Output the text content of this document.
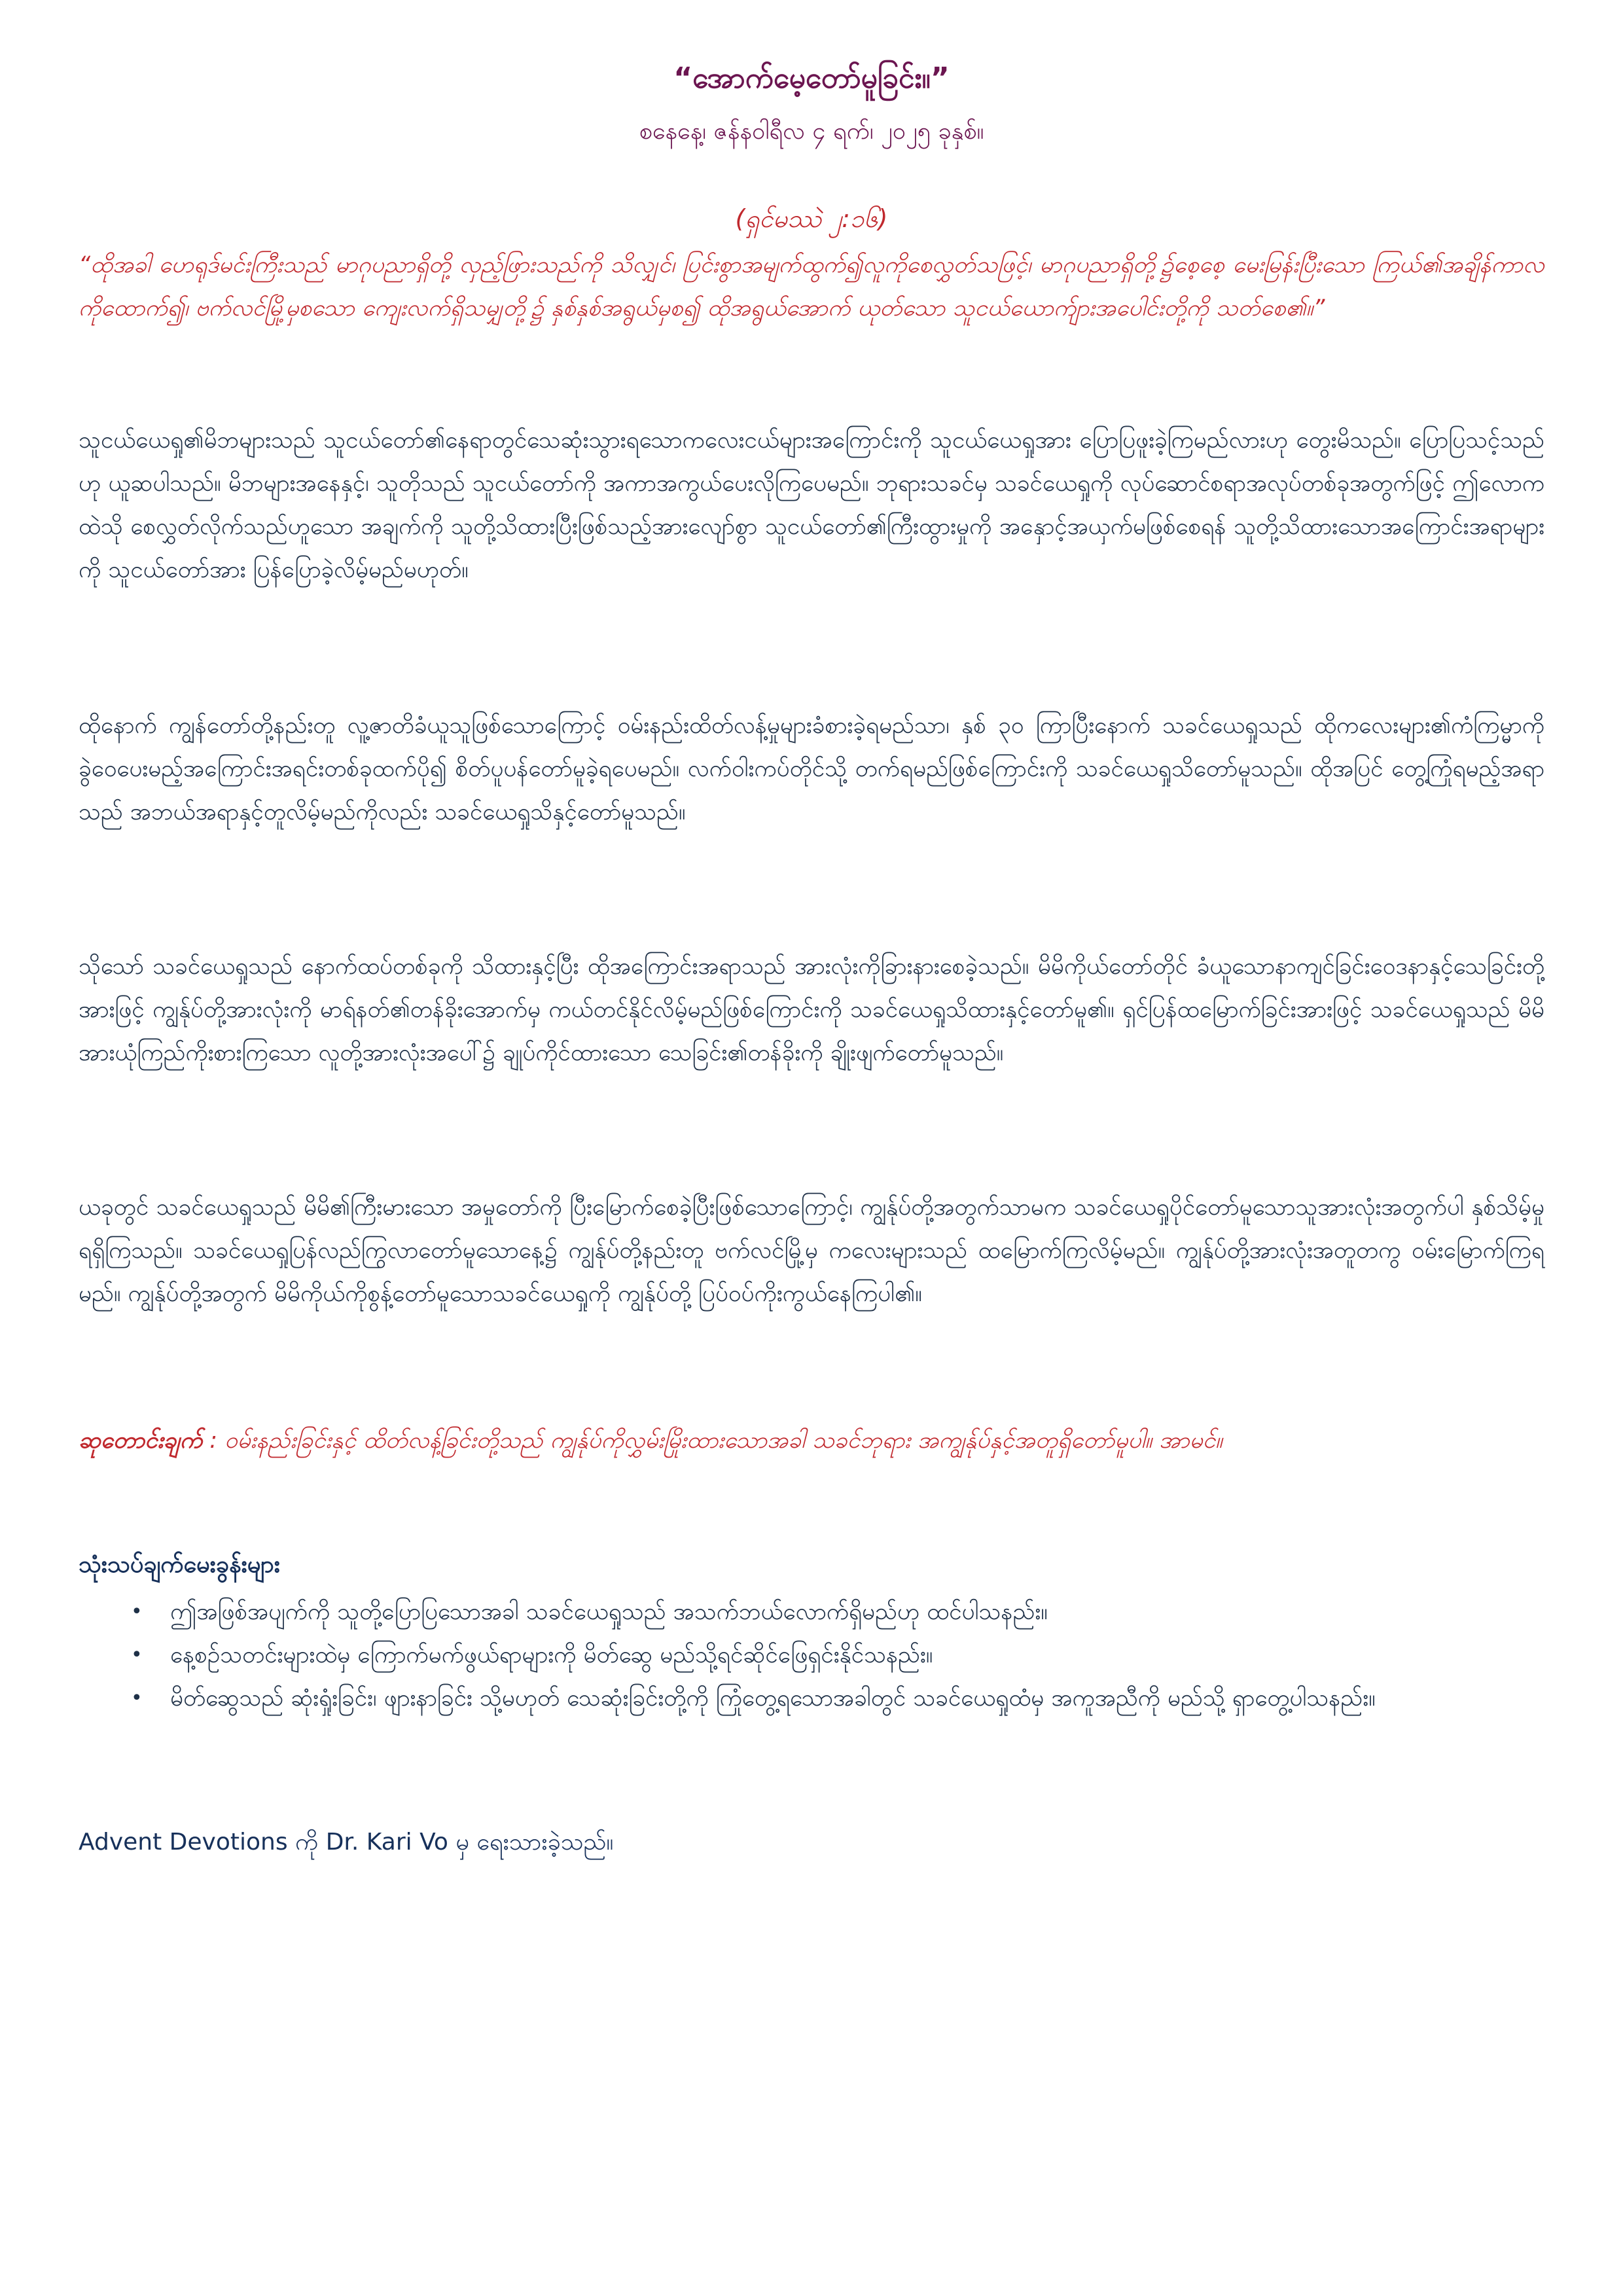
“အောက်မေ့တော်မူခြင်း။”
စနေနေ့၊ ဇန်နဝါရီလ ၄ ရက်၊ ၂၀၂၅ ခုနှစ်။
(ရှင်မဿဲ ၂:၁၆)
“ထိုအခါ ဟေရုဒ်မင်းကြီးသည် မာဂုပညာရှိတို့ လှည့်ဖြားသည်ကို သိလျှင်၊ ပြင်းစွာအမျက်ထွက်၍လူကိုစေလွှတ်သဖြင့်၊ မာဂုပညာရှိတို့၌စေ့စေ့ မေးမြန်းပြီးသော ကြယ်၏အချိန်ကာလကိုထောက်၍၊ ဗက်လင်မြို့မှစသော ကျေးလက်ရှိသမျှတို့၌ နှစ်နှစ်အရွယ်မှစ၍ ထိုအရွယ်အောက် ယုတ်သော သူငယ်ယောက်ျားအပေါင်းတို့ကို သတ်စေ၏။”
သူငယ်ယေရှု၏မိဘများသည် သူငယ်တော်၏နေရာတွင်သေဆုံးသွားရသောကလေးငယ်များအကြောင်းကို သူငယ်ယေရှုအား ပြောပြဖူးခဲ့ကြမည်လားဟု တွေးမိသည်။ ပြောပြသင့်သည်ဟု ယူဆပါသည်။ မိဘများအနေနှင့်၊ သူတိုသည် သူငယ်တော်ကို အကာအကွယ်ပေးလိုကြပေမည်။ ဘုရားသခင်မှ သခင်ယေရှုကို လုပ်ဆောင်စရာအလုပ်တစ်ခုအတွက်ဖြင့် ဤလောကထဲသို စေလွှတ်လိုက်သည်ဟူသော အချက်ကို သူတို့သိထားပြီးဖြစ်သည့်အားလျော်စွာ သူငယ်တော်၏ကြီးထွားမှုကို အနှောင့်အယှက်မဖြစ်စေရန် သူတို့သိထားသောအကြောင်းအရာများကို သူငယ်တော်အား ပြန်ပြောခဲ့လိမ့်မည်မဟုတ်။
ထိုနောက် ကျွန်တော်တို့နည်းတူ လူ့ဇာတိခံယူသူဖြစ်သောကြောင့် ဝမ်းနည်းထိတ်လန့်မှုများခံစားခဲ့ရမည်သာ၊ နှစ် ၃၀ ကြာပြီးနောက် သခင်ယေရှုသည် ထိုကလေးများ၏ကံကြမ္မာကို ခွဲဝေပေးမည့်အကြောင်းအရင်းတစ်ခုထက်ပို၍ စိတ်ပူပန်တော်မူခဲ့ရပေမည်။ လက်ဝါးကပ်တိုင်သို့ တက်ရမည်ဖြစ်ကြောင်းကို သခင်ယေရှုသိတော်မူသည်။ ထိုအပြင် တွေ့ကြုံရမည့်အရာသည် အဘယ်အရာနှင့်တူလိမ့်မည်ကိုလည်း သခင်ယေရှုသိနှင့်တော်မူသည်။
သိုသော် သခင်ယေရှုသည် နောက်ထပ်တစ်ခုကို သိထားနှင့်ပြီး ထိုအကြောင်းအရာသည် အားလုံးကိုခြားနားစေခဲ့သည်။ မိမိကိုယ်တော်တိုင် ခံယူသောနာကျင်ခြင်းဝေဒနာနှင့်သေခြင်းတို့အားဖြင့် ကျွန်ုပ်တို့အားလုံးကို မာရ်နတ်၏တန်ခိုးအောက်မှ ကယ်တင်နိုင်လိမ့်မည်ဖြစ်ကြောင်းကို သခင်ယေရှုသိထားနှင့်တော်မူ၏။ ရှင်ပြန်ထမြောက်ခြင်းအားဖြင့် သခင်ယေရှုသည် မိမိအားယုံကြည်ကိုးစားကြသော လူတို့အားလုံးအပေါ်၌ ချုပ်ကိုင်ထားသော သေခြင်း၏တန်ခိုးကို ချိုးဖျက်တော်မူသည်။
ယခုတွင် သခင်ယေရှုသည် မိမိ၏ကြီးမားသော အမှုတော်ကို ပြီးမြောက်စေခဲ့ပြီးဖြစ်သောကြောင့်၊ ကျွန်ုပ်တို့အတွက်သာမက သခင်ယေရှုပိုင်တော်မူသောသူအားလုံးအတွက်ပါ နှစ်သိမ့်မှုရရှိကြသည်။ သခင်ယေရှုပြန်လည်ကြွလာတော်မူသောနေ့၌ ကျွန်ုပ်တို့နည်းတူ ဗက်လင်မြို့မှ ကလေးများသည် ထမြောက်ကြလိမ့်မည်။ ကျွန်ုပ်တို့အားလုံးအတူတကွ ဝမ်းမြောက်ကြရမည်။ ကျွန်ုပ်တို့အတွက် မိမိကိုယ်ကိုစွန့်တော်မူသောသခင်ယေရှုကို ကျွန်ုပ်တို့ ပြပ်ဝပ်ကိုးကွယ်နေကြပါ၏။
ဆုတောင်းချက် : ဝမ်းနည်းခြင်းနှင့် ထိတ်လန့်ခြင်းတို့သည် ကျွန်ုပ်ကိုလွှမ်းမြိုးထားသောအခါ သခင်ဘုရား အကျွန်ုပ်နှင့်အတူရှိတော်မူပါ။ အာမင်။
သုံးသပ်ချက်မေးခွန်းများ
• ဤအဖြစ်အပျက်ကို သူတို့ပြောပြသောအခါ သခင်ယေရှုသည် အသက်ဘယ်လောက်ရှိမည်ဟု ထင်ပါသနည်း။
• နေ့စဉ်သတင်းများထဲမှ ကြောက်မက်ဖွယ်ရာများကို မိတ်ဆွေ မည်သို့ရင်ဆိုင်ဖြေရှင်းနိုင်သနည်း။
• မိတ်ဆွေသည် ဆုံးရှုံးခြင်း၊ ဖျားနာခြင်း သို့မဟုတ် သေဆုံးခြင်းတို့ကို ကြုံတွေ့ရသောအခါတွင် သခင်ယေရှုထံမှ အကူအညီကို မည်သို့ ရှာတွေ့ပါသနည်း။
Advent Devotions ကို Dr. Kari Vo မှ ရေးသားခဲ့သည်။
